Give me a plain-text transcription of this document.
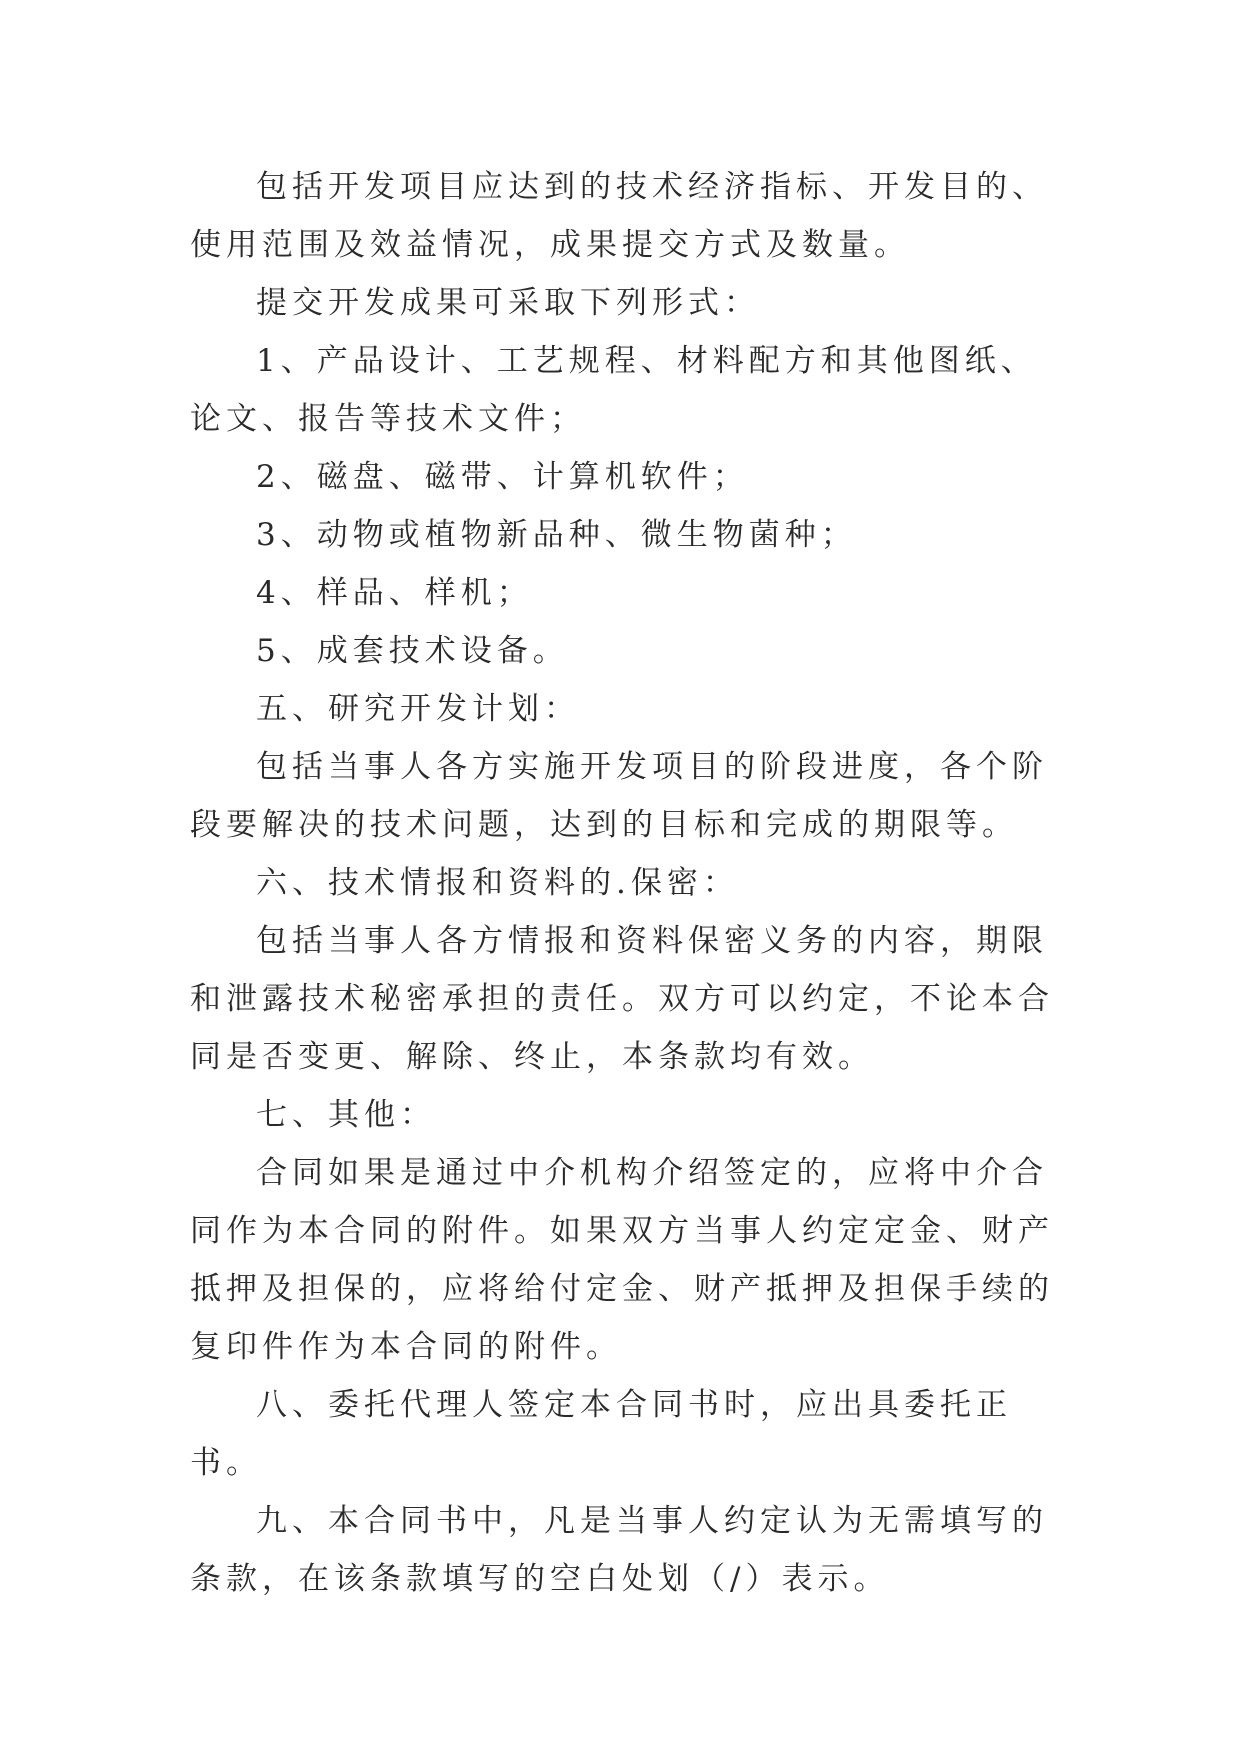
包括开发项目应达到的技术经济指标、开发目的、使用范围及效益情况，成果提交方式及数量。

提交开发成果可采取下列形式：

1、产品设计、工艺规程、材料配方和其他图纸、论文、报告等技术文件；

2、磁盘、磁带、计算机软件；

3、动物或植物新品种、微生物菌种；

4、样品、样机；

5、成套技术设备。

五、研究开发计划：

包括当事人各方实施开发项目的阶段进度，各个阶段要解决的技术问题，达到的目标和完成的期限等。

六、技术情报和资料的.保密：

包括当事人各方情报和资料保密义务的内容，期限和泄露技术秘密承担的责任。双方可以约定，不论本合同是否变更、解除、终止，本条款均有效。

七、其他：

合同如果是通过中介机构介绍签定的，应将中介合同作为本合同的附件。如果双方当事人约定定金、财产抵押及担保的，应将给付定金、财产抵押及担保手续的复印件作为本合同的附件。

八、委托代理人签定本合同书时，应出具委托正书。

九、本合同书中，凡是当事人约定认为无需填写的条款，在该条款填写的空白处划（/）表示。
